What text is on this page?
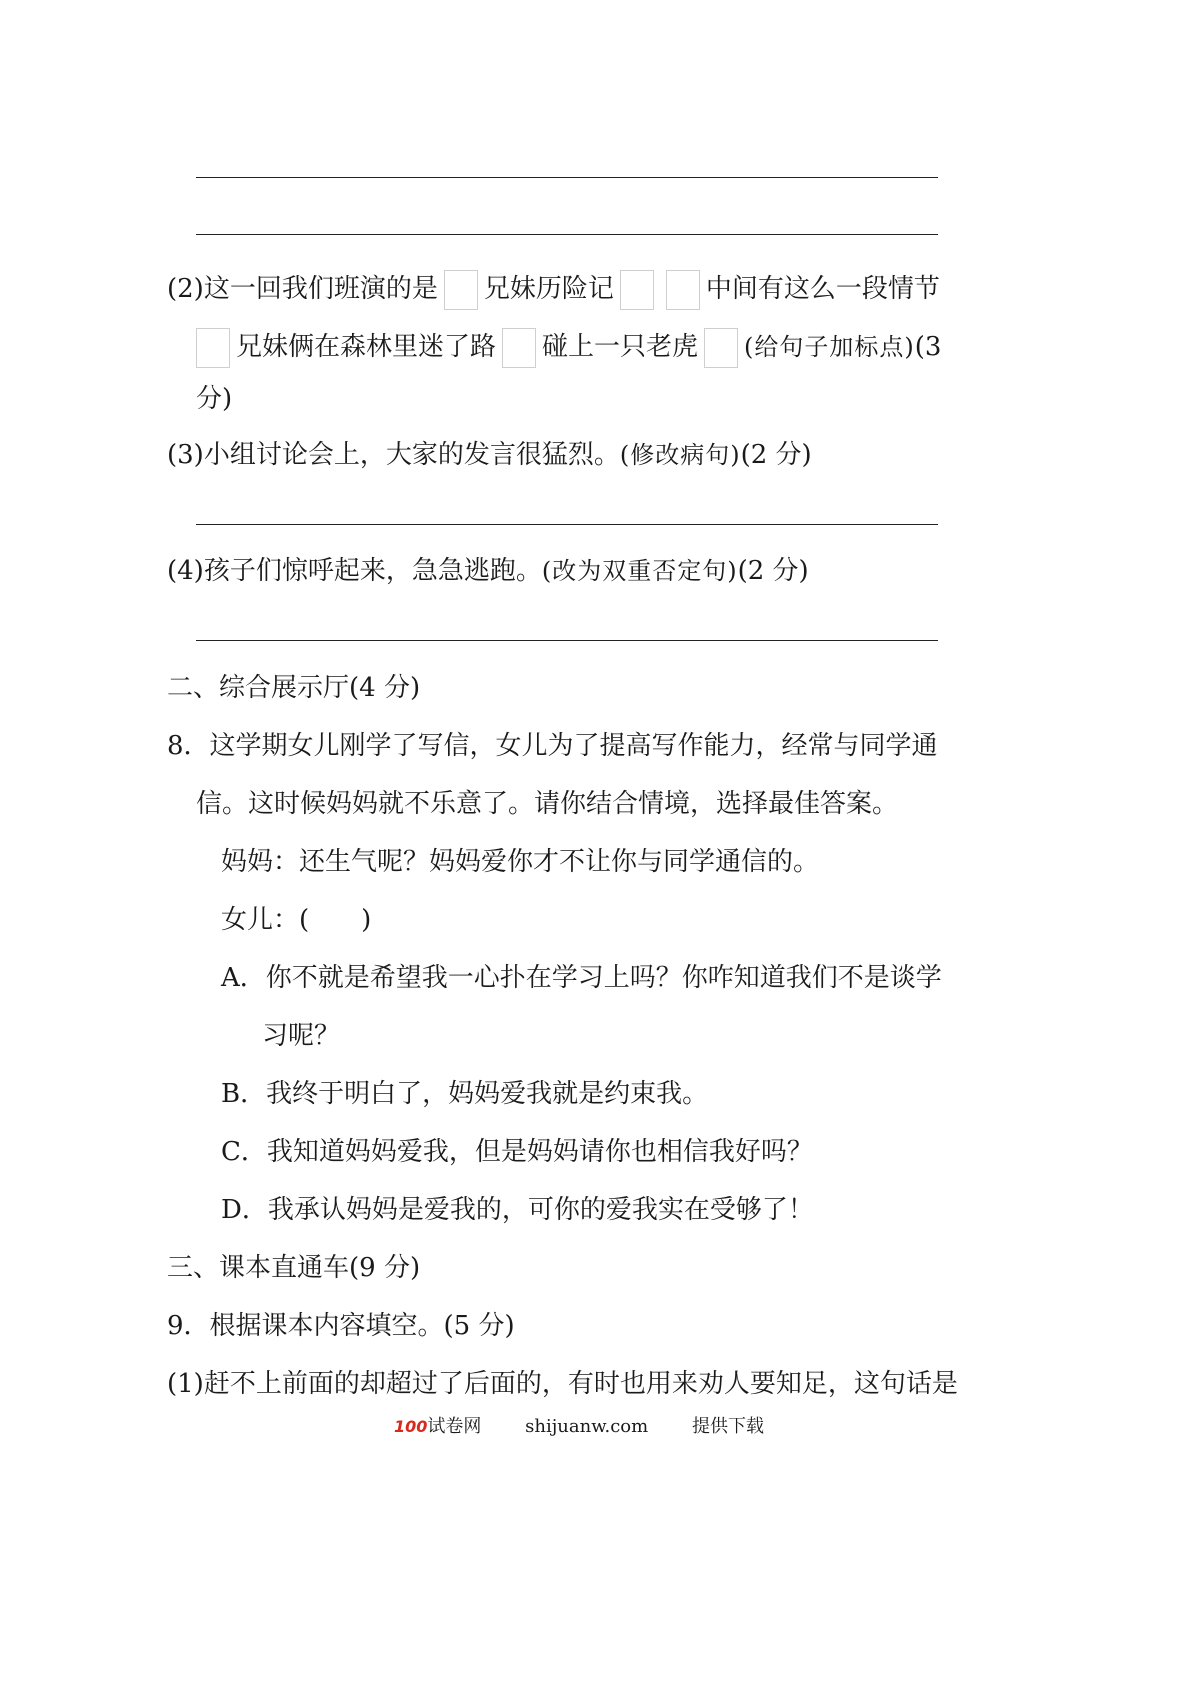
(2)这一回我们班演的是 兄妹历险记	中间有这么一段情节
兄妹俩在森林里迷了路 碰上一只老虎 (给句子加标点)(3
分)
(3)小组讨论会上，大家的发言很猛烈。(修改病句)(2 分)
(4)孩子们惊呼起来，急急逃跑。(改为双重否定句)(2 分)
二、综合展示厅(4 分)
8．这学期女儿刚学了写信，女儿为了提高写作能力，经常与同学通
信。这时候妈妈就不乐意了。请你结合情境，选择最佳答案。
妈妈：还生气呢？妈妈爱你才不让你与同学通信的。
女儿：(　　)
A．你不就是希望我一心扑在学习上吗？你咋知道我们不是谈学
习呢？
B．我终于明白了，妈妈爱我就是约束我。
C．我知道妈妈爱我，但是妈妈请你也相信我好吗？
D．我承认妈妈是爱我的，可你的爱我实在受够了！
三、课本直通车(9 分)
9．根据课本内容填空。(5 分)
(1)赶不上前面的却超过了后面的，有时也用来劝人要知足，这句话是
100试卷网 shijuanw.com 提供下载
